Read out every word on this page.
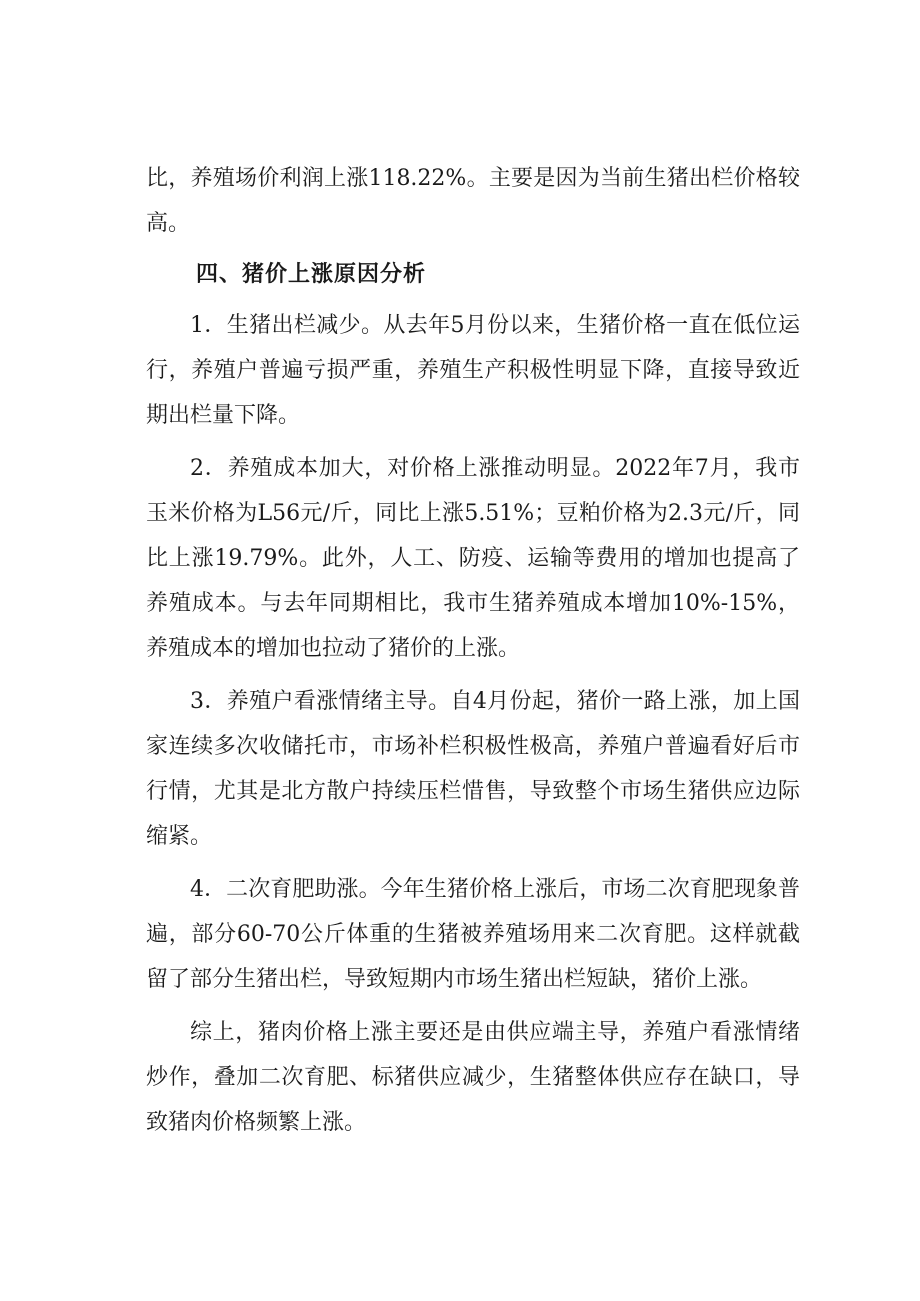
比，养殖场价利润上涨118.22%。主要是因为当前生猪出栏价格较高。

四、猪价上涨原因分析

1．生猪出栏减少。从去年5月份以来，生猪价格一直在低位运行，养殖户普遍亏损严重，养殖生产积极性明显下降，直接导致近期出栏量下降。

2．养殖成本加大，对价格上涨推动明显。2022年7月，我市玉米价格为L56元/斤，同比上涨5.51%；豆粕价格为2.3元/斤，同比上涨19.79%。此外，人工、防疫、运输等费用的增加也提高了养殖成本。与去年同期相比，我市生猪养殖成本增加10%-15%，养殖成本的增加也拉动了猪价的上涨。

3．养殖户看涨情绪主导。自4月份起，猪价一路上涨，加上国家连续多次收储托市，市场补栏积极性极高，养殖户普遍看好后市行情，尤其是北方散户持续压栏惜售，导致整个市场生猪供应边际缩紧。

4．二次育肥助涨。今年生猪价格上涨后，市场二次育肥现象普遍，部分60-70公斤体重的生猪被养殖场用来二次育肥。这样就截留了部分生猪出栏，导致短期内市场生猪出栏短缺，猪价上涨。

综上，猪肉价格上涨主要还是由供应端主导，养殖户看涨情绪炒作，叠加二次育肥、标猪供应减少，生猪整体供应存在缺口，导致猪肉价格频繁上涨。
